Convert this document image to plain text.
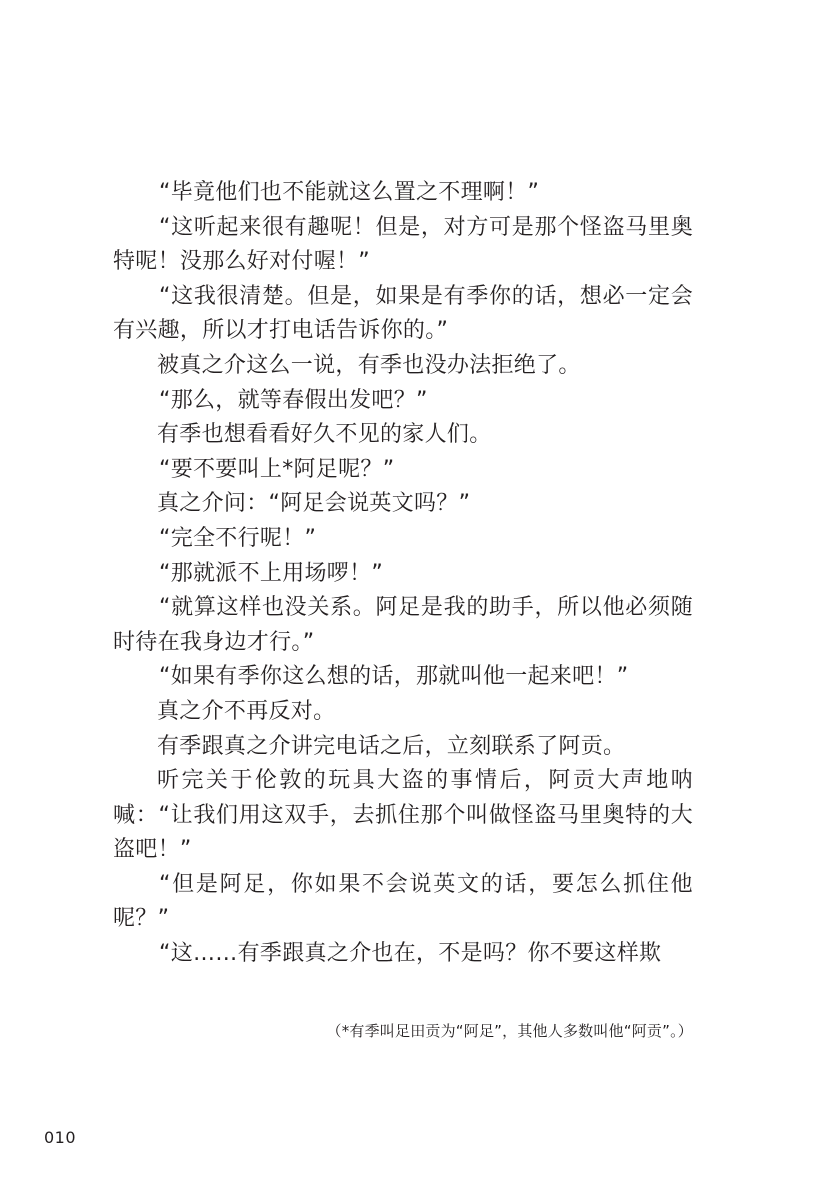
“毕竟他们也不能就这么置之不理啊！”

“这听起来很有趣呢！但是，对方可是那个怪盗马里奥特呢！没那么好对付喔！”

“这我很清楚。但是，如果是有季你的话，想必一定会有兴趣，所以才打电话告诉你的。”

被真之介这么一说，有季也没办法拒绝了。

“那么，就等春假出发吧？”

有季也想看看好久不见的家人们。

“要不要叫上*阿足呢？”

真之介问：“阿足会说英文吗？”

“完全不行呢！”

“那就派不上用场啰！”

“就算这样也没关系。阿足是我的助手，所以他必须随时待在我身边才行。”

“如果有季你这么想的话，那就叫他一起来吧！”

真之介不再反对。

有季跟真之介讲完电话之后，立刻联系了阿贡。

听完关于伦敦的玩具大盗的事情后，阿贡大声地呐喊：“让我们用这双手，去抓住那个叫做怪盗马里奥特的大盗吧！”

“但是阿足，你如果不会说英文的话，要怎么抓住他呢？”

“这……有季跟真之介也在，不是吗？你不要这样欺

（*有季叫足田贡为“阿足”，其他人多数叫他“阿贡”。）
010
